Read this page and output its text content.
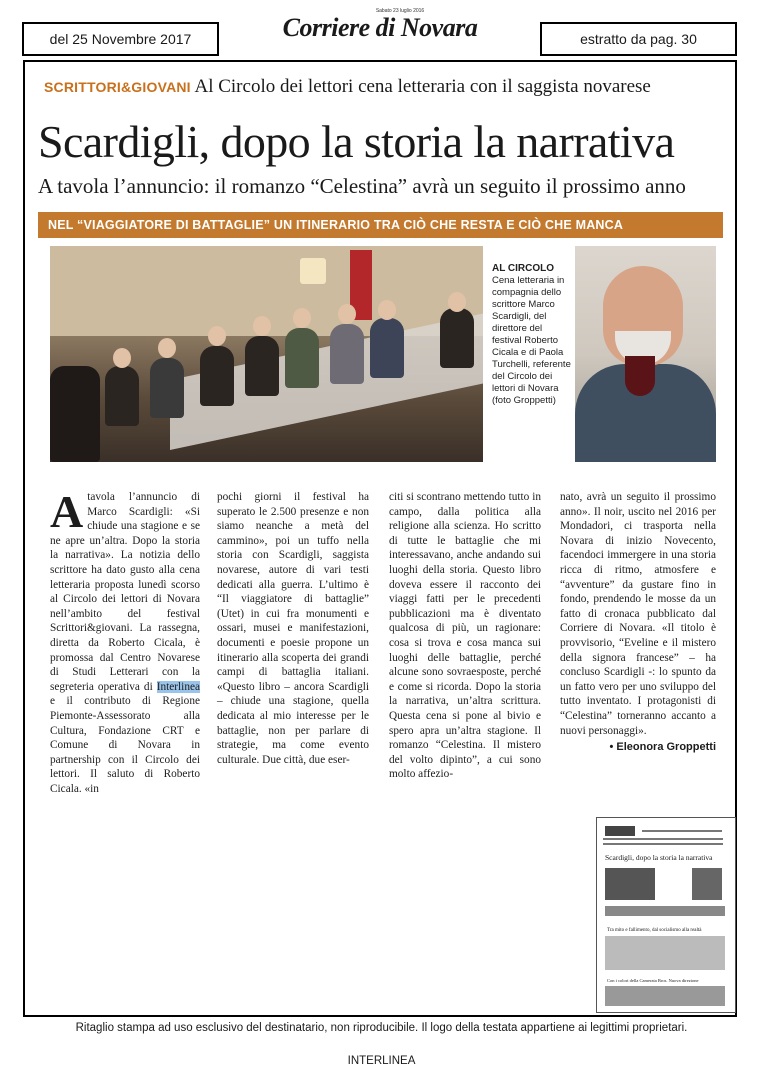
del 25 Novembre 2017
Sabato 23 luglio 2016
Corriere di Novara	estratto da pag. 30
SCRITTORI&GIOVANI Al Circolo dei lettori cena letteraria con il saggista novarese
Scardigli, dopo la storia la narrativa
A tavola l’annuncio: il romanzo “Celestina” avrà un seguito il prossimo anno
NEL “VIAGGIATORE DI BATTAGLIE” UN ITINERARIO TRA CIÒ CHE RESTA E CIÒ CHE MANCA
AL CIRCOLO
Cena letteraria in compagnia dello scrittore Marco Scardigli, del direttore del festival Roberto Cicala e di Paola Turchelli, referente del Circolo dei lettori di Novara (foto Groppetti)

A tavola l’annuncio di Marco Scardigli: «Si chiude una stagione e se ne apre un’altra. Dopo la storia la narrativa». La notizia dello scrittore ha dato gusto alla cena letteraria proposta lunedì scorso al Circolo dei lettori di Novara nell’ambito del festival Scrittori&giovani. La rassegna, diretta da Roberto Cicala, è promossa dal Centro Novarese di Studi Letterari con la segreteria operativa di Interlinea e il contributo di Regione Piemonte-Assessorato alla Cultura, Fondazione CRT e Comune di Novara in partnership con il Circolo dei lettori. Il saluto di Roberto Cicala. «in

pochi giorni il festival ha superato le 2.500 presenze e non siamo neanche a metà del cammino», poi un tuffo nella storia con Scardigli, saggista novarese, autore di vari testi dedicati alla guerra. L’ultimo è “Il viaggiatore di battaglie” (Utet) in cui fra monumenti e ossari, musei e manifestazioni, documenti e poesie propone un itinerario alla scoperta dei grandi campi di battaglia italiani. «Questo libro – ancora Scardigli – chiude una stagione, quella dedicata al mio interesse per le battaglie, non per parlare di strategie, ma come evento culturale. Due città, due eser-

citi si scontrano mettendo tutto in campo, dalla politica alla religione alla scienza. Ho scritto di tutte le battaglie che mi interessavano, anche andando sui luoghi della storia. Questo libro doveva essere il racconto dei viaggi fatti per le precedenti pubblicazioni ma è diventato qualcosa di più, un ragionare: cosa si trova e cosa manca sui luoghi delle battaglie, perché alcune sono sovraesposte, perché e come si ricorda. Dopo la storia la narrativa, un’altra scrittura. Questa cena si pone al bivio e spero apra un’altra stagione. Il romanzo “Celestina. Il mistero del volto dipinto”, a cui sono molto affezio-

nato, avrà un seguito il prossimo anno». Il noir, uscito nel 2016 per Mondadori, ci trasporta nella Novara di inizio Novecento, facendoci immergere in una storia ricca di ritmo, atmosfere e “avventure” da gustare fino in fondo, prendendo le mosse da un fatto di cronaca pubblicato dal Corriere di Novara. «Il titolo è provvisorio, “Eveline e il mistero della signora francese” – ha concluso Scardigli -: lo spunto da un fatto vero per uno sviluppo del tutto inventato. I protagonisti di “Celestina” torneranno accanto a nuovi personaggi».

• Eleonora Groppetti
Scardigli, dopo la storia la narrativa
Tra mito e fallimento, dal socialismo alla realtà
Con i colori della Camerata Bros. Nuova direzione
Ritaglio stampa ad uso esclusivo del destinatario, non riproducibile. Il logo della testata appartiene ai legittimi proprietari.
INTERLINEA
